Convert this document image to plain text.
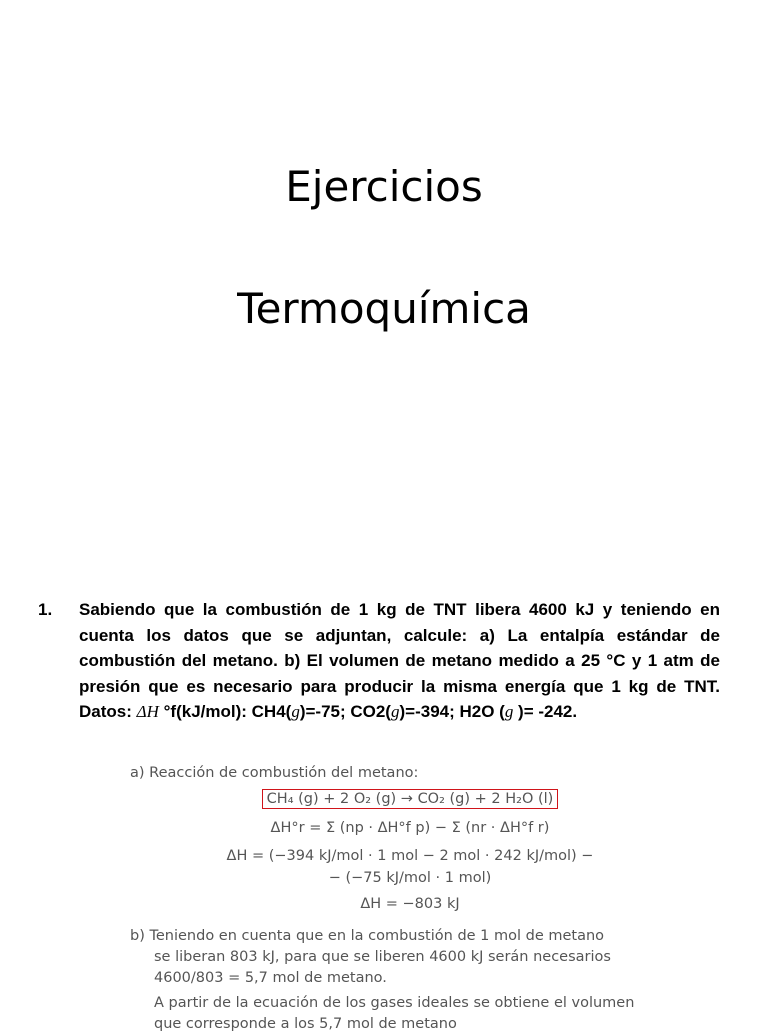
Ejercicios
Termoquímica
1. Sabiendo que la combustión de 1 kg de TNT libera 4600 kJ y teniendo en cuenta los datos que se adjuntan, calcule: a) La entalpía estándar de combustión del metano. b) El volumen de metano medido a 25 °C y 1 atm de presión que es necesario para producir la misma energía que 1 kg de TNT. Datos: ΔH °f(kJ/mol): CH4(g)=-75; CO2(g)=-394; H2O (g )= -242.
a) Reacción de combustión del metano:
CH₄ (g) + 2 O₂ (g) → CO₂ (g) + 2 H₂O (l)
ΔH°r = Σ (np · ΔH°f p) − Σ (nr · ΔH°f r)
ΔH = (−394 kJ/mol · 1 mol − 2 mol · 242 kJ/mol) −
− (−75 kJ/mol · 1 mol)
ΔH = −803 kJ
b) Teniendo en cuenta que en la combustión de 1 mol de metano
se liberan 803 kJ, para que se liberen 4600 kJ serán necesarios
4600/803 = 5,7 mol de metano.
A partir de la ecuación de los gases ideales se obtiene el volumen
que corresponde a los 5,7 mol de metano
